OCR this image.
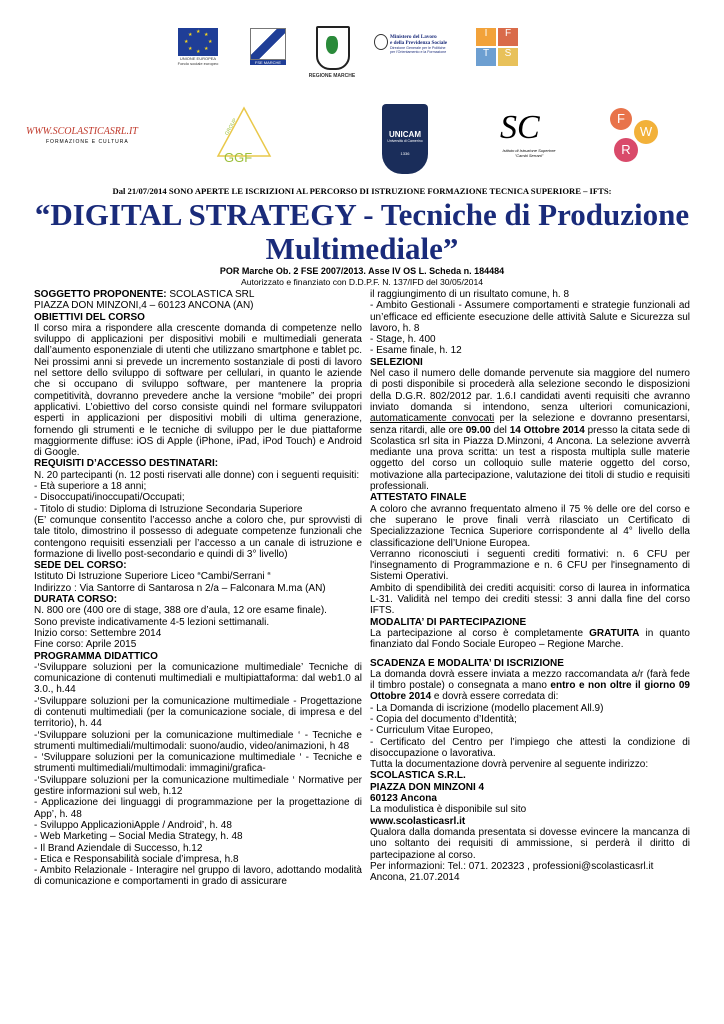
★ ★
★
★
★
★
★
★
UNIONE EUROPEA
Fondo sociale europeo	FSE MARCHE
REGIONE MARCHE
Ministero del Lavoro
e della Previdenza Sociale
Direzione Generale per le Politiche
per l'Orientamento e la Formazione
I	F
T	S
WWW.SCOLASTICASRL.IT
FORMAZIONE E CULTURA
GGF
GROUP	UNICAM
Università di Camerino
1336
SC
Istituto di Istruzione Superiore
"Cambi Serrani"
F
W
R
Dal 21/07/2014 SONO APERTE LE ISCRIZIONI AL PERCORSO DI ISTRUZIONE FORMAZIONE TECNICA SUPERIORE – IFTS:
“DIGITAL STRATEGY - Tecniche di Produzione
Multimediale”
POR Marche Ob. 2 FSE 2007/2013. Asse IV OS L. Scheda n. 184484
Autorizzato e finanziato con D.D.P.F. N. 137/IFD del 30/05/2014

SOGGETTO PROPONENTE: SCOLASTICA SRL

PIAZZA DON MINZONI,4 – 60123 ANCONA (AN)

OBIETTIVI DEL CORSO

Il corso mira a rispondere alla crescente domanda di competenze nello sviluppo di applicazioni per dispositivi mobili e multimediali generata dall’aumento esponenziale di utenti che utilizzano smartphone e tablet pc. Nei prossimi anni si prevede un incremento sostanziale di posti di lavoro nel settore dello sviluppo di software per cellulari, in quanto le aziende che si occupano di sviluppo software, per mantenere la propria competitività, dovranno prevedere anche la versione “mobile” dei propri applicativi. L’obiettivo del corso consiste quindi nel formare sviluppatori esperti in applicazioni per dispositivi mobili di ultima generazione, fornendo gli strumenti e le tecniche di sviluppo per le due piattaforme maggiormente diffuse: iOS di Apple (iPhone, iPad, iPod Touch) e Android di Google.

REQUISITI D’ACCESSO DESTINATARI:

N. 20 partecipanti (n. 12 posti riservati alle donne) con i seguenti requisiti:

- Età superiore a 18 anni;

- Disoccupati/inoccupati/Occupati;

- Titolo di studio: Diploma di Istruzione Secondaria Superiore

(E’ comunque consentito l’accesso anche a coloro che, pur sprovvisti di tale titolo, dimostrino il possesso di adeguate competenze funzionali che contengono requisiti essenziali per l’accesso a un canale di istruzione e formazione di livello post-secondario e quindi di 3° livello)

SEDE DEL CORSO:

Istituto Di Istruzione Superiore Liceo “Cambi/Serrani “

Indirizzo : Via Santorre di Santarosa n 2/a – Falconara M.ma (AN)

DURATA CORSO:

N. 800 ore (400 ore di stage, 388 ore d’aula, 12 ore esame finale).

Sono previste indicativamente 4-5 lezioni settimanali.

Inizio corso: Settembre 2014

Fine corso: Aprile 2015

PROGRAMMA DIDATTICO

-‘Sviluppare soluzioni per la comunicazione multimediale’ Tecniche di comunicazione di contenuti multimediali e multipiattaforma: dal web1.0 al 3.0., h.44

-‘Sviluppare soluzioni per la comunicazione multimediale - Progettazione di contenuti multimediali (per la comunicazione sociale, di impresa e del territorio), h. 44

-‘Sviluppare soluzioni per la comunicazione multimediale ‘ - Tecniche e strumenti multimediali/multimodali: suono/audio, video/animazioni, h 48

- ‘Sviluppare soluzioni per la comunicazione multimediale ‘ - Tecniche e strumenti multimediali/multimodali: immagini/grafica-

-‘Sviluppare soluzioni per la comunicazione multimediale ‘ Normative per gestire informazioni sul web, h.12

- Applicazione dei linguaggi di programmazione per la progettazione di App’, h. 48

- Sviluppo ApplicazioniApple / Android’, h. 48

- Web Marketing – Social Media Strategy, h. 48

- Il Brand Aziendale di Successo, h.12

- Etica e Responsabilità sociale d’impresa, h.8

- Ambito Relazionale - Interagire nel gruppo di lavoro, adottando modalità di comunicazione e comportamenti in grado di assicurare

il raggiungimento di un risultato comune, h. 8

- Ambito Gestionali - Assumere comportamenti e strategie funzionali ad un’efficace ed efficiente esecuzione delle attività Salute e Sicurezza sul lavoro, h. 8

- Stage, h. 400

- Esame finale, h. 12

SELEZIONI

Nel caso il numero delle domande pervenute sia maggiore del numero di posti disponibile si procederà alla selezione secondo le disposizioni della D.G.R. 802/2012 par. 1.6.I candidati aventi requisiti che avranno inviato domanda si intendono, senza ulteriori comunicazioni, automaticamente convocati per la selezione e dovranno presentarsi, senza ritardi, alle ore 09.00 del 14 Ottobre 2014 presso la citata sede di Scolastica srl sita in Piazza D.Minzoni, 4 Ancona. La selezione avverrà mediante una prova scritta: un test a risposta multipla sulle materie oggetto del corso un colloquio sulle materie oggetto del corso, motivazione alla partecipazione, valutazione dei titoli di studio e requisiti professionali.

ATTESTATO FINALE

A coloro che avranno frequentato almeno il 75 % delle ore del corso e che superano le prove finali verrà rilasciato un Certificato di Specializzazione Tecnica Superiore corrispondente al 4° livello della classificazione dell’Unione Europea.

Verranno riconosciuti i seguenti crediti formativi: n. 6 CFU per l'insegnamento di Programmazione e n. 6 CFU per l'insegnamento di Sistemi Operativi.

Ambito di spendibilità dei crediti acquisiti: corso di laurea in informatica L-31. Validità nel tempo dei crediti stessi: 3 anni dalla fine del corso IFTS.

MODALITA’ DI PARTECIPAZIONE

La partecipazione al corso è completamente GRATUITA in quanto finanziato dal Fondo Sociale Europeo – Regione Marche.

SCADENZA E MODALITA’ DI ISCRIZIONE

La domanda dovrà essere inviata a mezzo raccomandata a/r (farà fede il timbro postale) o consegnata a mano entro e non oltre il giorno 09 Ottobre 2014 e dovrà essere corredata di:

- La Domanda di iscrizione (modello placement All.9)

- Copia del documento d’Identità;

- Curriculum Vitae Europeo,

- Certificato del Centro per l’impiego che attesti la condizione di disoccupazione o lavorativa.

Tutta la documentazione dovrà pervenire al seguente indirizzo:

SCOLASTICA S.R.L.

PIAZZA DON MINZONI 4

60123 Ancona

La modulistica è disponibile sul sito

www.scolasticasrl.it

Qualora dalla domanda presentata si dovesse evincere la mancanza di uno soltanto dei requisiti di ammissione, si perderà il diritto di partecipazione al corso.

Per informazioni: Tel.: 071. 202323 , professioni@scolasticasrl.it

Ancona, 21.07.2014
